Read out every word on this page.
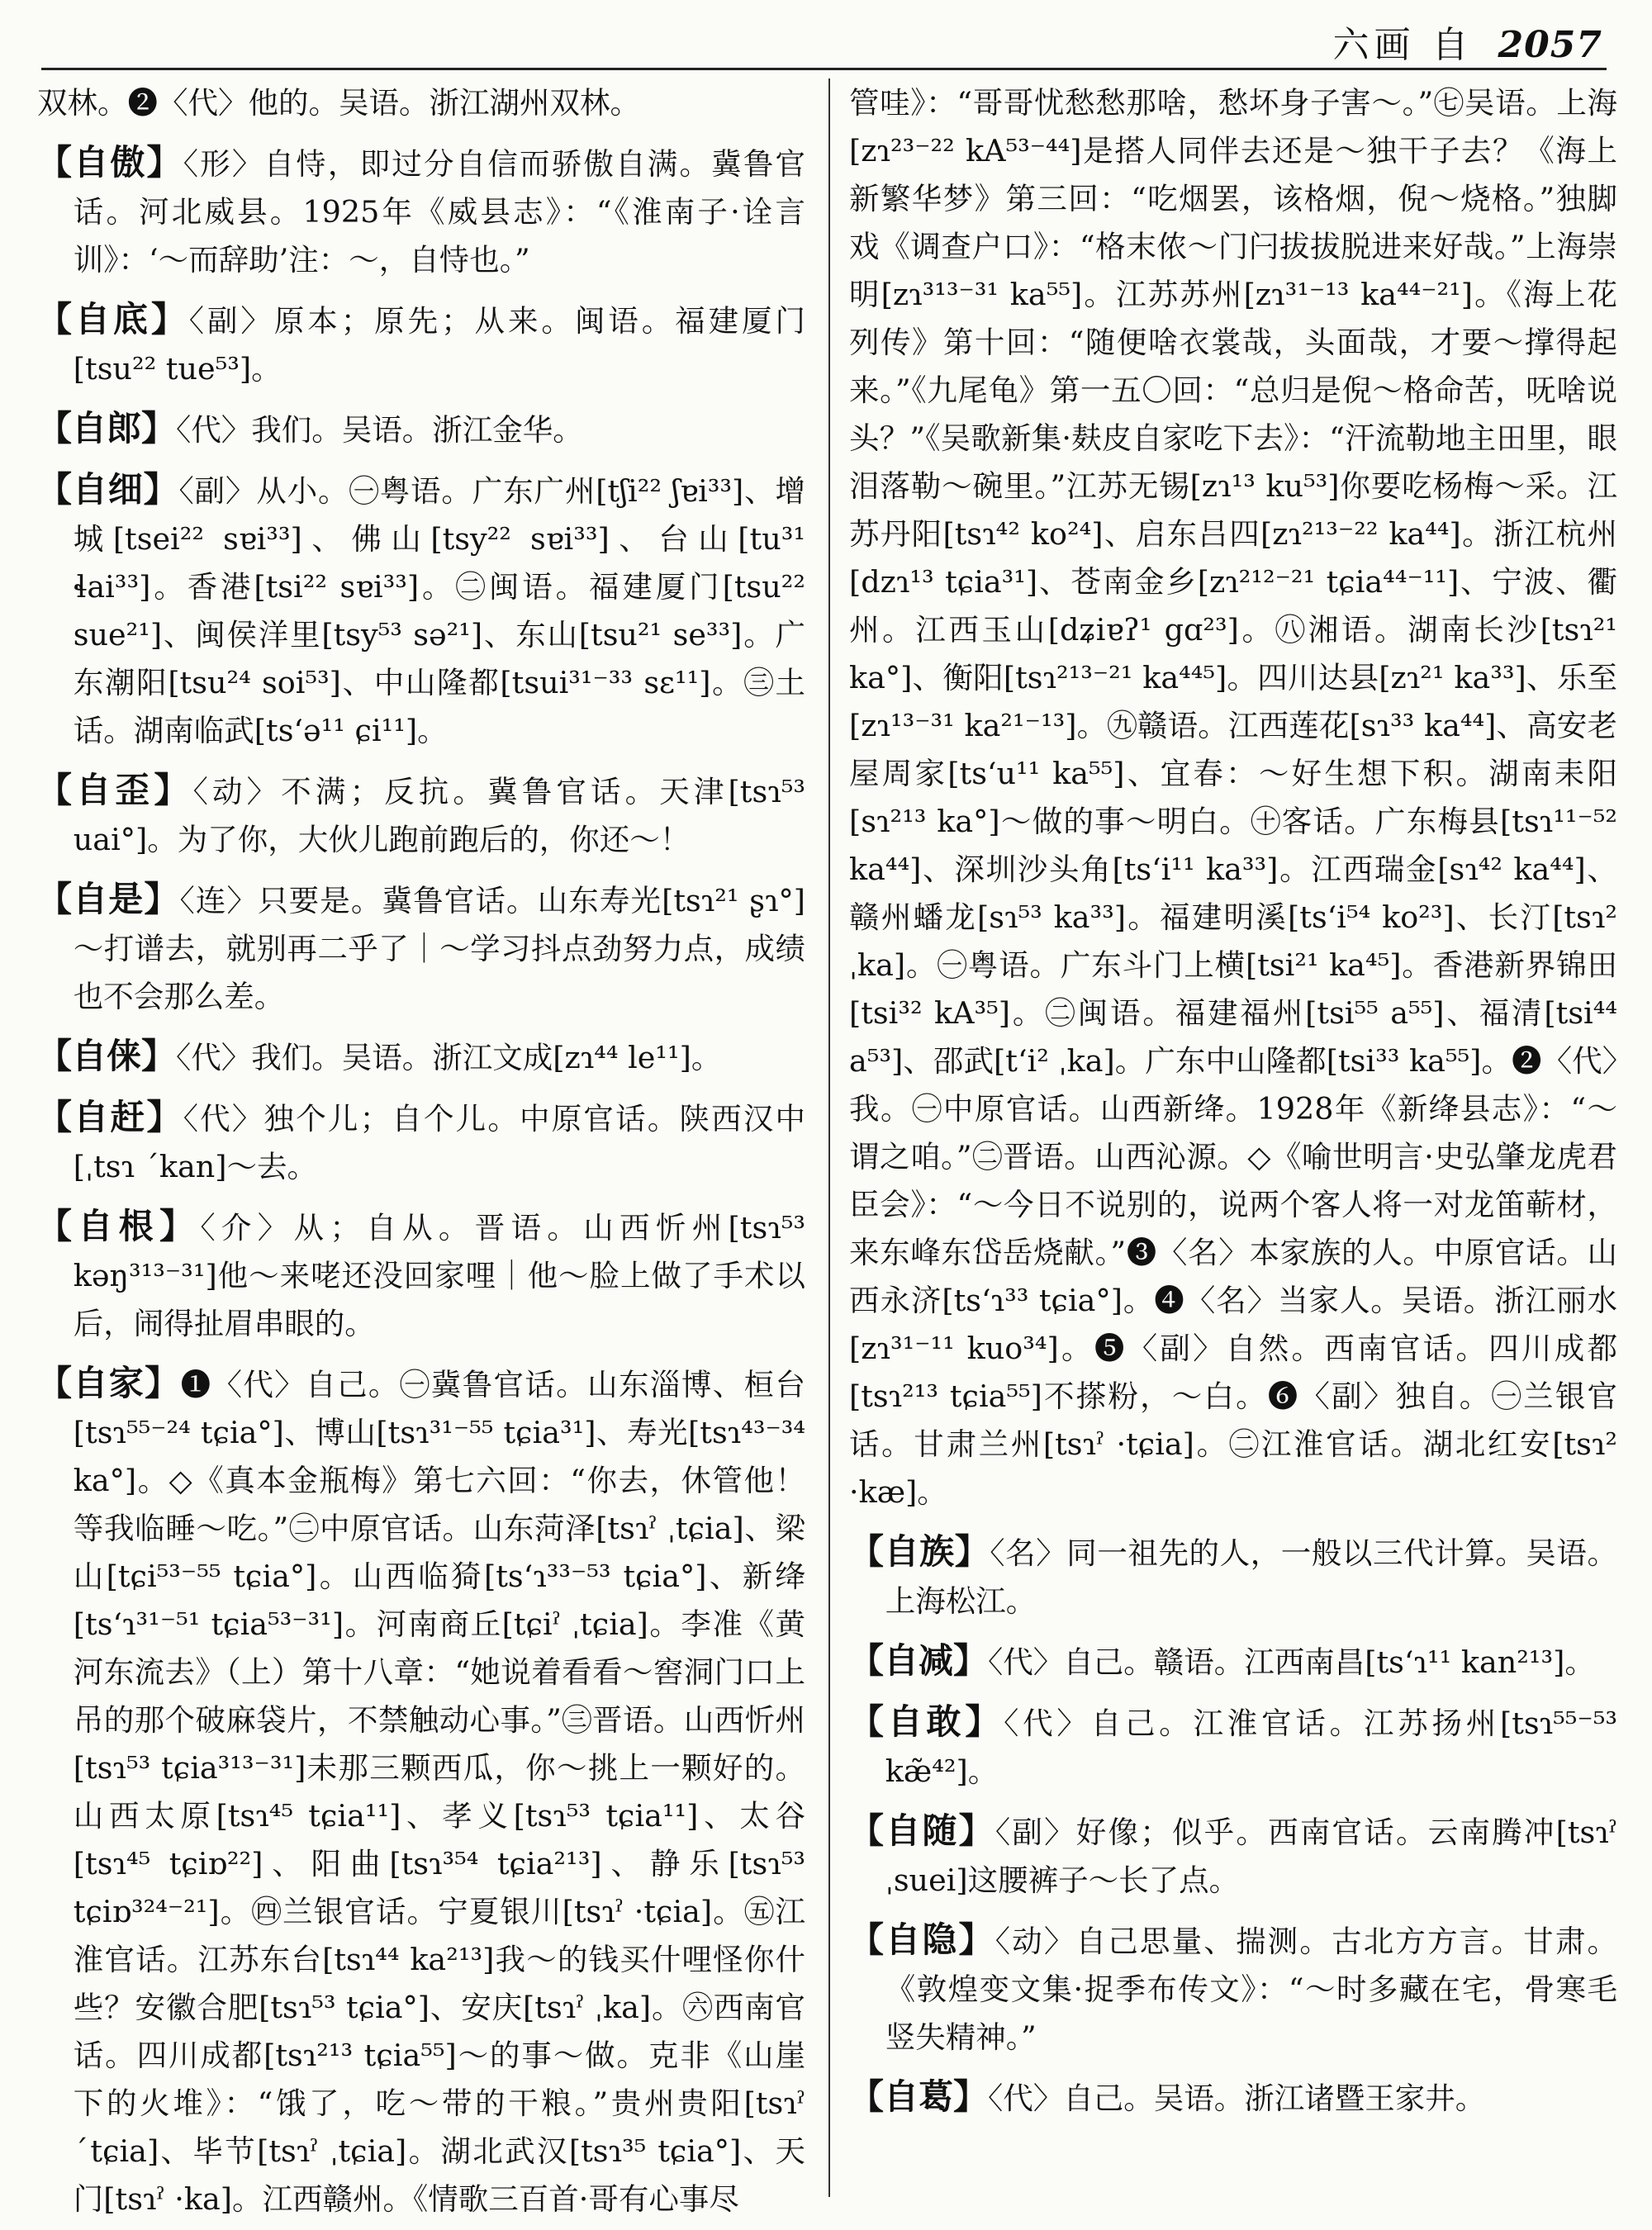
六画 自 2057

双林。❷〈代〉他的。吴语。浙江湖州双林。

【自傲】〈形〉自恃，即过分自信而骄傲自满。冀鲁官话。河北威县。1925年《威县志》：“《淮南子·诠言训》：‘～而辞助’注：～，自恃也。”

【自底】〈副〉原本；原先；从来。闽语。福建厦门[tsu²² tue⁵³]。

【自郎】〈代〉我们。吴语。浙江金华。

【自细】〈副〉从小。㊀粤语。广东广州[tʃi²² ʃɐi³³]、增城[tsei²² sɐi³³]、佛山[tsy²² sɐi³³]、台山[tu³¹ ɬai³³]。香港[tsi²² sɐi³³]。㊁闽语。福建厦门[tsu²² sue²¹]、闽侯洋里[tsy⁵³ sə²¹]、东山[tsu²¹ se³³]。广东潮阳[tsu²⁴ soi⁵³]、中山隆都[tsui³¹⁻³³ sɛ¹¹]。㊂土话。湖南临武[tsʻə¹¹ ɕi¹¹]。

【自歪】〈动〉不满；反抗。冀鲁官话。天津[tsɿ⁵³ uai°]。为了你，大伙儿跑前跑后的，你还～！

【自是】〈连〉只要是。冀鲁官话。山东寿光[tsɿ²¹ ʂɿ°] ～打谱去，就别再二乎了｜～学习抖点劲努力点，成绩也不会那么差。

【自俫】〈代〉我们。吴语。浙江文成[zɿ⁴⁴ le¹¹]。

【自赶】〈代〉独个儿；自个儿。中原官话。陕西汉中[ˌtsɿ ˊkan]～去。

【自根】〈介〉从；自从。晋语。山西忻州[tsɿ⁵³ kəŋ³¹³⁻³¹]他～来咾还没回家哩｜他～脸上做了手术以后，闹得扯眉串眼的。

【自家】❶〈代〉自己。㊀冀鲁官话。山东淄博、桓台[tsɿ⁵⁵⁻²⁴ tɕia°]、博山[tsɿ³¹⁻⁵⁵ tɕia³¹]、寿光[tsɿ⁴³⁻³⁴ ka°]。◇《真本金瓶梅》第七六回：“你去，休管他！等我临睡～吃。”㊁中原官话。山东菏泽[tsɿˀ ˌtɕia]、梁山[tɕi⁵³⁻⁵⁵ tɕia°]。山西临猗[tsʻɿ³³⁻⁵³ tɕia°]、新绛[tsʻɿ³¹⁻⁵¹ tɕia⁵³⁻³¹]。河南商丘[tɕiˀ ˌtɕia]。李准《黄河东流去》（上）第十八章：“她说着看看～窖洞门口上吊的那个破麻袋片，不禁触动心事。”㊂晋语。山西忻州[tsɿ⁵³ tɕia³¹³⁻³¹]未那三颗西瓜，你～挑上一颗好的。山西太原[tsɿ⁴⁵ tɕia¹¹]、孝义[tsɿ⁵³ tɕia¹¹]、太谷[tsɿ⁴⁵ tɕiɒ²²]、阳曲[tsɿ³⁵⁴ tɕia²¹³]、静乐[tsɿ⁵³ tɕiɒ³²⁴⁻²¹]。㊃兰银官话。宁夏银川[tsɿˀ ·tɕia]。㊄江淮官话。江苏东台[tsɿ⁴⁴ ka²¹³]我～的钱买什哩怪你什些？安徽合肥[tsɿ⁵³ tɕia°]、安庆[tsɿˀ ˌka]。㊅西南官话。四川成都[tsɿ²¹³ tɕia⁵⁵]～的事～做。克非《山崖下的火堆》：“饿了，吃～带的干粮。”贵州贵阳[tsɿˀ ˊtɕia]、毕节[tsɿˀ ˌtɕia]。湖北武汉[tsɿ³⁵ tɕia°]、天门[tsɿˀ ·ka]。江西赣州。《情歌三百首·哥有心事尽

管哇》：“哥哥忧愁愁那啥，愁坏身子害～。”㊆吴语。上海[zɿ²³⁻²² kA⁵³⁻⁴⁴]是搭人同伴去还是～独干子去？《海上新繁华梦》第三回：“吃烟罢，该格烟，倪～烧格。”独脚戏《调查户口》：“格末侬～门闩拔拔脱进来好哉。”上海崇明[zɿ³¹³⁻³¹ ka⁵⁵]。江苏苏州[zɿ³¹⁻¹³ ka⁴⁴⁻²¹]。《海上花列传》第十回：“随便啥衣裳哉，头面哉，才要～撑得起来。”《九尾龟》第一五〇回：“总归是倪～格命苦，呒啥说头？”《吴歌新集·麸皮自家吃下去》：“汗流勒地主田里，眼泪落勒～碗里。”江苏无锡[zɿ¹³ ku⁵³]你要吃杨梅～采。江苏丹阳[tsɿ⁴² ko²⁴]、启东吕四[zɿ²¹³⁻²² ka⁴⁴]。浙江杭州[dzɿ¹³ tɕia³¹]、苍南金乡[zɿ²¹²⁻²¹ tɕia⁴⁴⁻¹¹]、宁波、衢州。江西玉山[dʑiɐʔ¹ gɑ²³]。㊇湘语。湖南长沙[tsɿ²¹ ka°]、衡阳[tsɿ²¹³⁻²¹ ka⁴⁴⁵]。四川达县[zɿ²¹ ka³³]、乐至[zɿ¹³⁻³¹ ka²¹⁻¹³]。㊈赣语。江西莲花[sɿ³³ ka⁴⁴]、高安老屋周家[tsʻu¹¹ ka⁵⁵]、宜春：～好生想下积。湖南耒阳[sɿ²¹³ ka°]～做的事～明白。㊉客话。广东梅县[tsɿ¹¹⁻⁵² ka⁴⁴]、深圳沙头角[tsʻi¹¹ ka³³]。江西瑞金[sɿ⁴² ka⁴⁴]、赣州蟠龙[sɿ⁵³ ka³³]。福建明溪[tsʻi⁵⁴ ko²³]、长汀[tsɿ² ˌka]。㊀粤语。广东斗门上横[tsi²¹ ka⁴⁵]。香港新界锦田[tsi³² kA³⁵]。㊁闽语。福建福州[tsi⁵⁵ a⁵⁵]、福清[tsi⁴⁴ a⁵³]、邵武[tʻi² ˌka]。广东中山隆都[tsi³³ ka⁵⁵]。❷〈代〉我。㊀中原官话。山西新绛。1928年《新绛县志》：“～谓之咱。”㊁晋语。山西沁源。◇《喻世明言·史弘肇龙虎君臣会》：“～今日不说别的，说两个客人将一对龙笛蕲材，来东峰东岱岳烧献。”❸〈名〉本家族的人。中原官话。山西永济[tsʻɿ³³ tɕia°]。❹〈名〉当家人。吴语。浙江丽水[zɿ³¹⁻¹¹ kuo³⁴]。❺〈副〉自然。西南官话。四川成都[tsɿ²¹³ tɕia⁵⁵]不搽粉，～白。❻〈副〉独自。㊀兰银官话。甘肃兰州[tsɿˀ ·tɕia]。㊁江淮官话。湖北红安[tsɿ² ·kæ]。

【自族】〈名〉同一祖先的人，一般以三代计算。吴语。上海松江。

【自减】〈代〉自己。赣语。江西南昌[tsʻɿ¹¹ kan²¹³]。

【自敢】〈代〉自己。江淮官话。江苏扬州[tsɿ⁵⁵⁻⁵³ kæ̃⁴²]。

【自随】〈副〉好像；似乎。西南官话。云南腾冲[tsɿˀ ˌsuei]这腰裤子～长了点。

【自隐】〈动〉自己思量、揣测。古北方方言。甘肃。《敦煌变文集·捉季布传文》：“～时多藏在宅，骨寒毛竖失精神。”

【自葛】〈代〉自己。吴语。浙江诸暨王家井。
